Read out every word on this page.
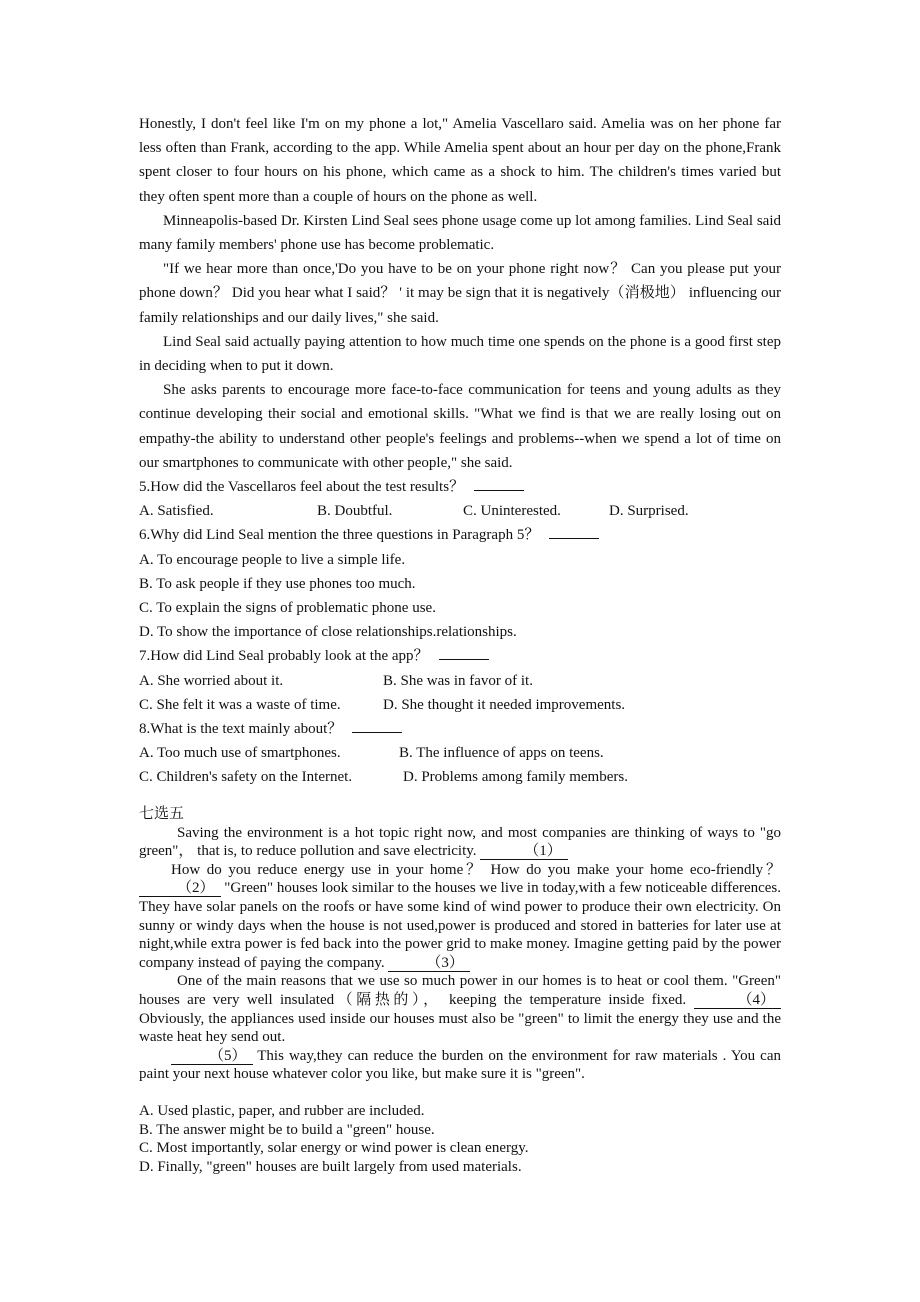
Honestly, I don't feel like I'm on my phone a lot," Amelia Vascellaro said. Amelia was on her phone far less often than Frank, according to the app. While Amelia spent about an hour per day on the phone,Frank spent closer to four hours on his phone, which came as a shock to him. The children's times varied but they often spent more than a couple of hours on the phone as well.
Minneapolis-based Dr. Kirsten Lind Seal sees phone usage come up lot among families. Lind Seal said many family members' phone use has become problematic.
"If we hear more than once,'Do you have to be on your phone right now？ Can you please put your phone down？ Did you hear what I said？ ' it may be sign that it is negatively（消极地） influencing our family relationships and our daily lives," she said.
Lind Seal said actually paying attention to how much time one spends on the phone is a good first step in deciding when to put it down.
She asks parents to encourage more face-to-face communication for teens and young adults as they continue developing their social and emotional skills. "What we find is that we are really losing out on empathy-the ability to understand other people's feelings and problems--when we spend a lot of time on our smartphones to communicate with other people," she said.
5.How did the Vascellaros feel about the test results？
A. Satisfied.	B. Doubtful.	C. Uninterested.	D. Surprised.
6.Why did Lind Seal mention the three questions in Paragraph 5？
A. To encourage people to live a simple life.
B. To ask people if they use phones too much.
C. To explain the signs of problematic phone use.
D. To show the importance of close relationships.relationships.
7.How did Lind Seal probably look at the app？
A. She worried about it.	B. She was in favor of it.
C. She felt it was a waste of time.	D. She thought it needed improvements.
8.What is the text mainly about？
A. Too much use of smartphones.	B. The influence of apps on teens.
C. Children's safety on the Internet.	D. Problems among family members.
七选五
Saving the environment is a hot topic right now, and most companies are thinking of ways to "go green"， that is, to reduce pollution and save electricity.	（1）
How do you reduce energy use in your home？ How do you make your home eco-friendly？ （2） "Green" houses look similar to the houses we live in today,with a few noticeable differences. They have solar panels on the roofs or have some kind of wind power to produce their own electricity. On sunny or windy days when the house is not used,power is produced and stored in batteries for later use at night,while extra power is fed back into the power grid to make money. Imagine getting paid by the power company instead of paying the company.	（3）
One of the main reasons that we use so much power in our homes is to heat or cool them. "Green" houses are very well insulated（隔热的）， keeping the temperature inside fixed.	（4） Obviously, the appliances used inside our houses must also be "green" to limit the energy they use and the waste heat hey send out.
（5） This way,they can reduce the burden on the environment for raw materials . You can paint your next house whatever color you like, but make sure it is "green".
A. Used plastic, paper, and rubber are included.
B. The answer might be to build a "green" house.
C. Most importantly, solar energy or wind power is clean energy.
D. Finally, "green" houses are built largely from used materials.
